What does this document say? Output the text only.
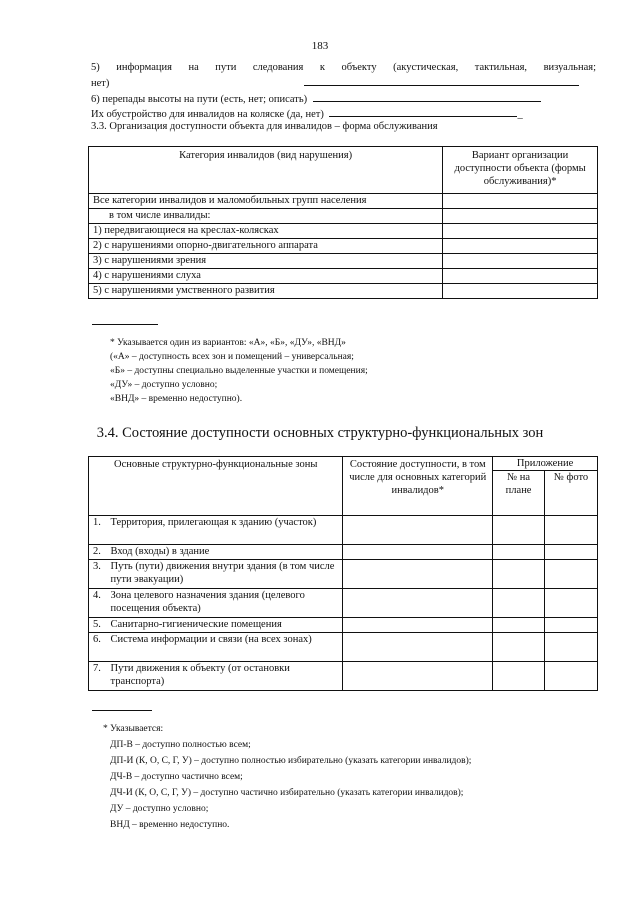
183
5) информация на пути следования к объекту (акустическая, тактильная, визуальная;
нет)
6) перепады высоты на пути (есть, нет; описать)
Их обустройство для инвалидов на коляске (да, нет)	_
3.3. Организация доступности объекта для инвалидов – форма обслуживания
Категория инвалидов (вид нарушения)	Вариант организации доступности объекта (формы обслуживания)*
Все категории инвалидов и маломобильных групп населения	
в том числе инвалиды:	
1) передвигающиеся на креслах-колясках	
2) с нарушениями опорно-двигательного аппарата	
3) с нарушениями зрения	
4) с нарушениями слуха	
5) с нарушениями умственного развития	
* Указывается один из вариантов: «А», «Б», «ДУ», «ВНД»
(«А» – доступность всех зон и помещений – универсальная;
«Б» – доступны специально выделенные участки и помещения;
«ДУ» – доступно условно;
«ВНД» – временно недоступно).
3.4. Состояние доступности основных структурно-функциональных зон
Основные структурно-функциональные зоны		Состояние доступности, в том числе для основных категорий инвалидов*	Приложение	
			№ на плане	№ фото
1.	Территория, прилегающая к зданию (участок)			
2.	Вход (входы) в здание			
3.	Путь (пути) движения внутри здания (в том числе пути эвакуации)			
4.	Зона целевого назначения здания (целевого посещения объекта)			
5.	Санитарно-гигиенические помещения			
6.	Система информации и связи (на всех зонах)			
7.	Пути движения к объекту (от остановки транспорта)			
* Указывается:
ДП-В – доступно полностью всем;
ДП-И (К, О, С, Г, У) – доступно полностью избирательно (указать категории инвалидов);
ДЧ-В – доступно частично всем;
ДЧ-И (К, О, С, Г, У) – доступно частично избирательно (указать категории инвалидов);
ДУ – доступно условно;
ВНД – временно недоступно.
